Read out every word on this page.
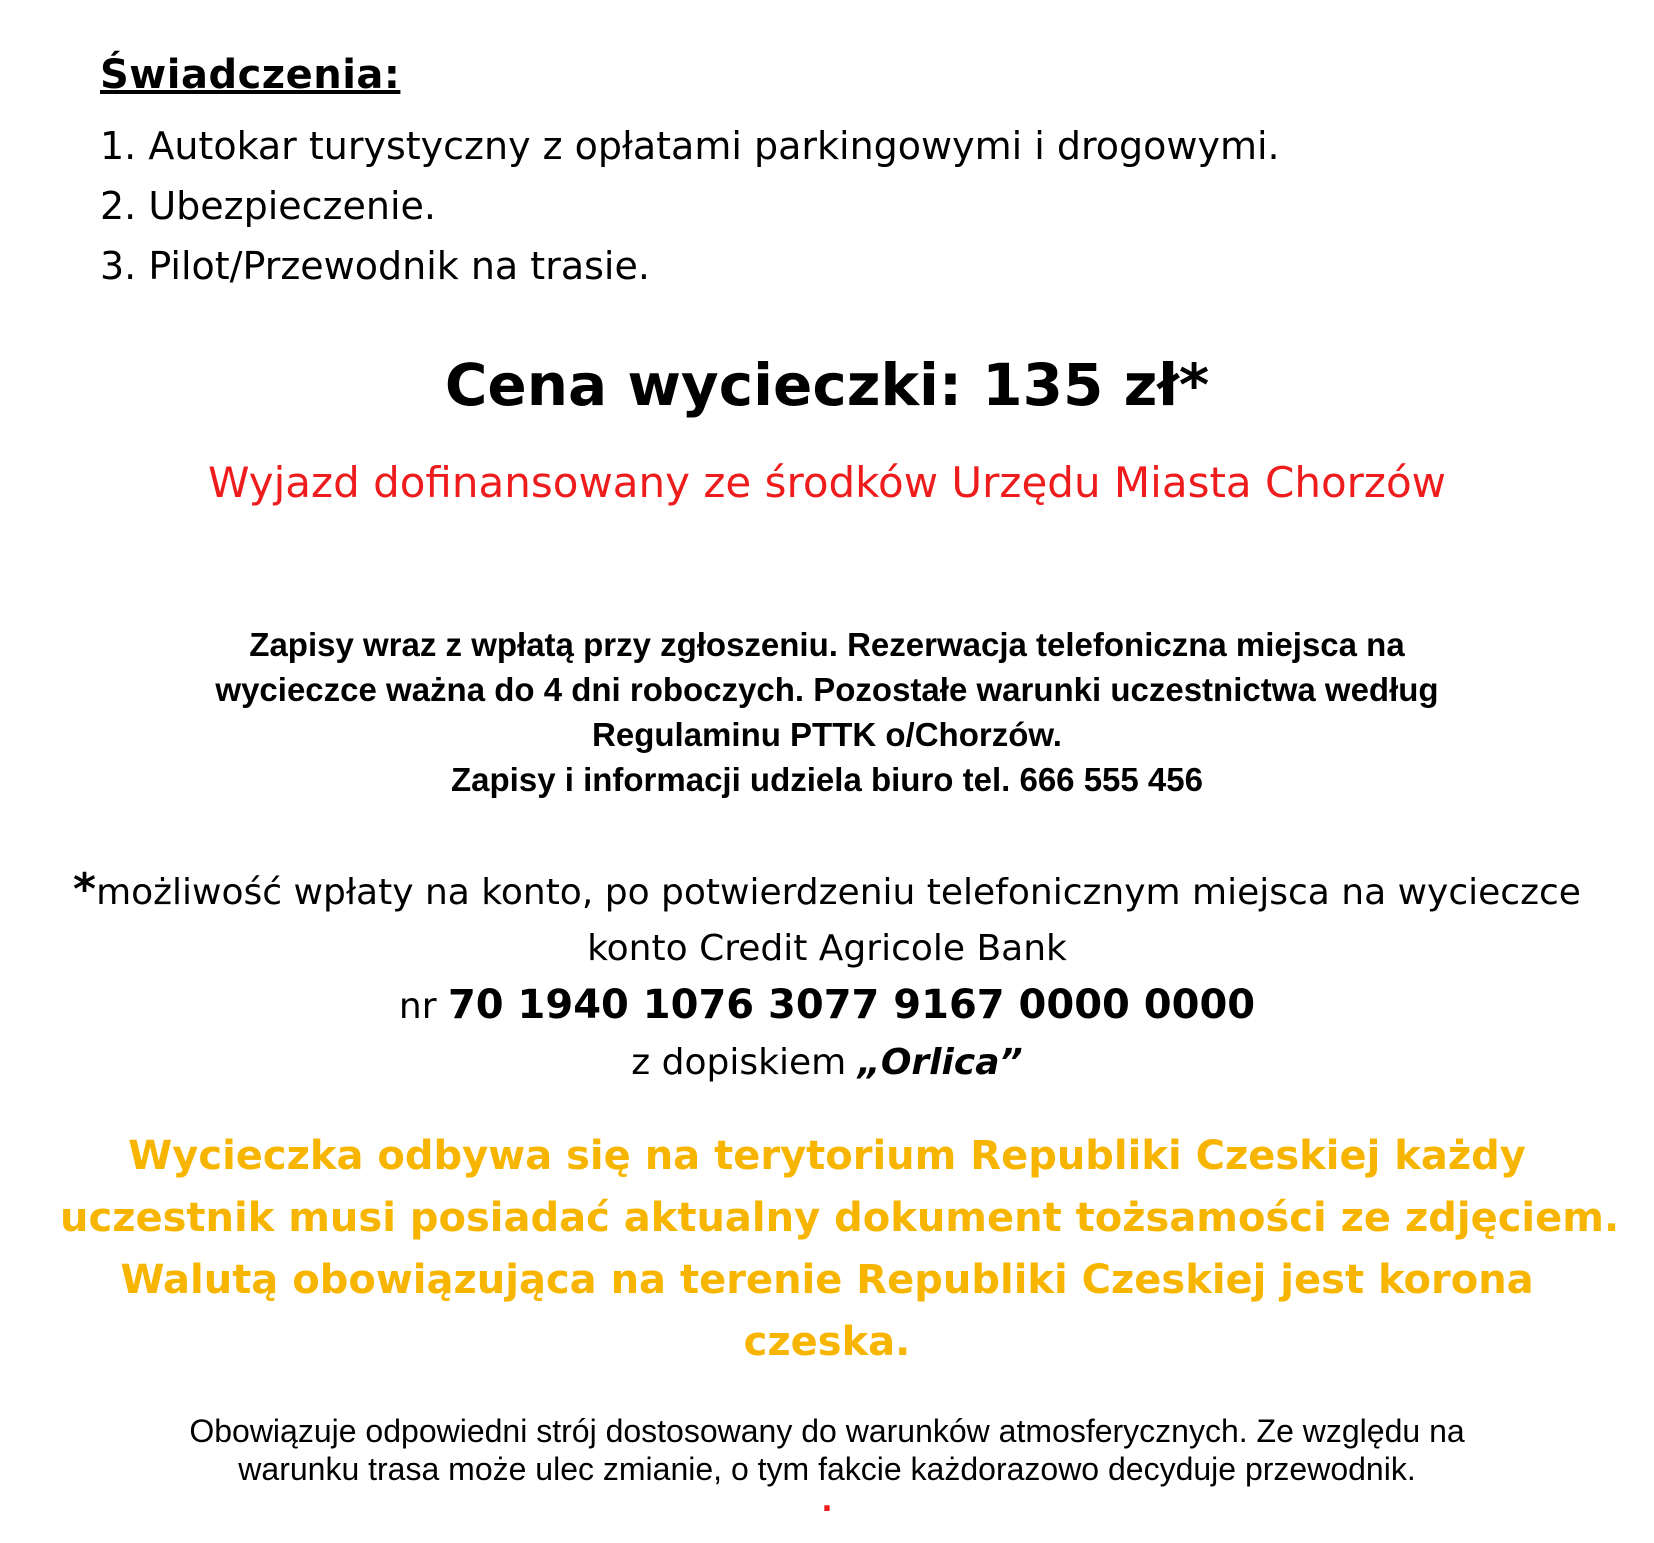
Świadczenia:
1. Autokar turystyczny z opłatami parkingowymi i drogowymi.
2. Ubezpieczenie.
3. Pilot/Przewodnik na trasie.
Cena wycieczki: 135 zł*

Wyjazd dofinansowany ze środków Urzędu Miasta Chorzów

Zapisy wraz z wpłatą przy zgłoszeniu. Rezerwacja telefoniczna miejsca na
wycieczce ważna do 4 dni roboczych. Pozostałe warunki uczestnictwa według
Regulaminu PTTK o/Chorzów.
Zapisy i informacji udziela biuro tel. 666 555 456

*możliwość wpłaty na konto, po potwierdzeniu telefonicznym miejsca na wycieczce
konto Credit Agricole Bank
nr 70 1940 1076 3077 9167 0000 0000
z dopiskiem „Orlica”

Wycieczka odbywa się na terytorium Republiki Czeskiej każdy
uczestnik musi posiadać aktualny dokument tożsamości ze zdjęciem.
Walutą obowiązująca na terenie Republiki Czeskiej jest korona
czeska.

Obowiązuje odpowiedni strój dostosowany do warunków atmosferycznych. Ze względu na
warunku trasa może ulec zmianie, o tym fakcie każdorazowo decyduje przewodnik.

.
